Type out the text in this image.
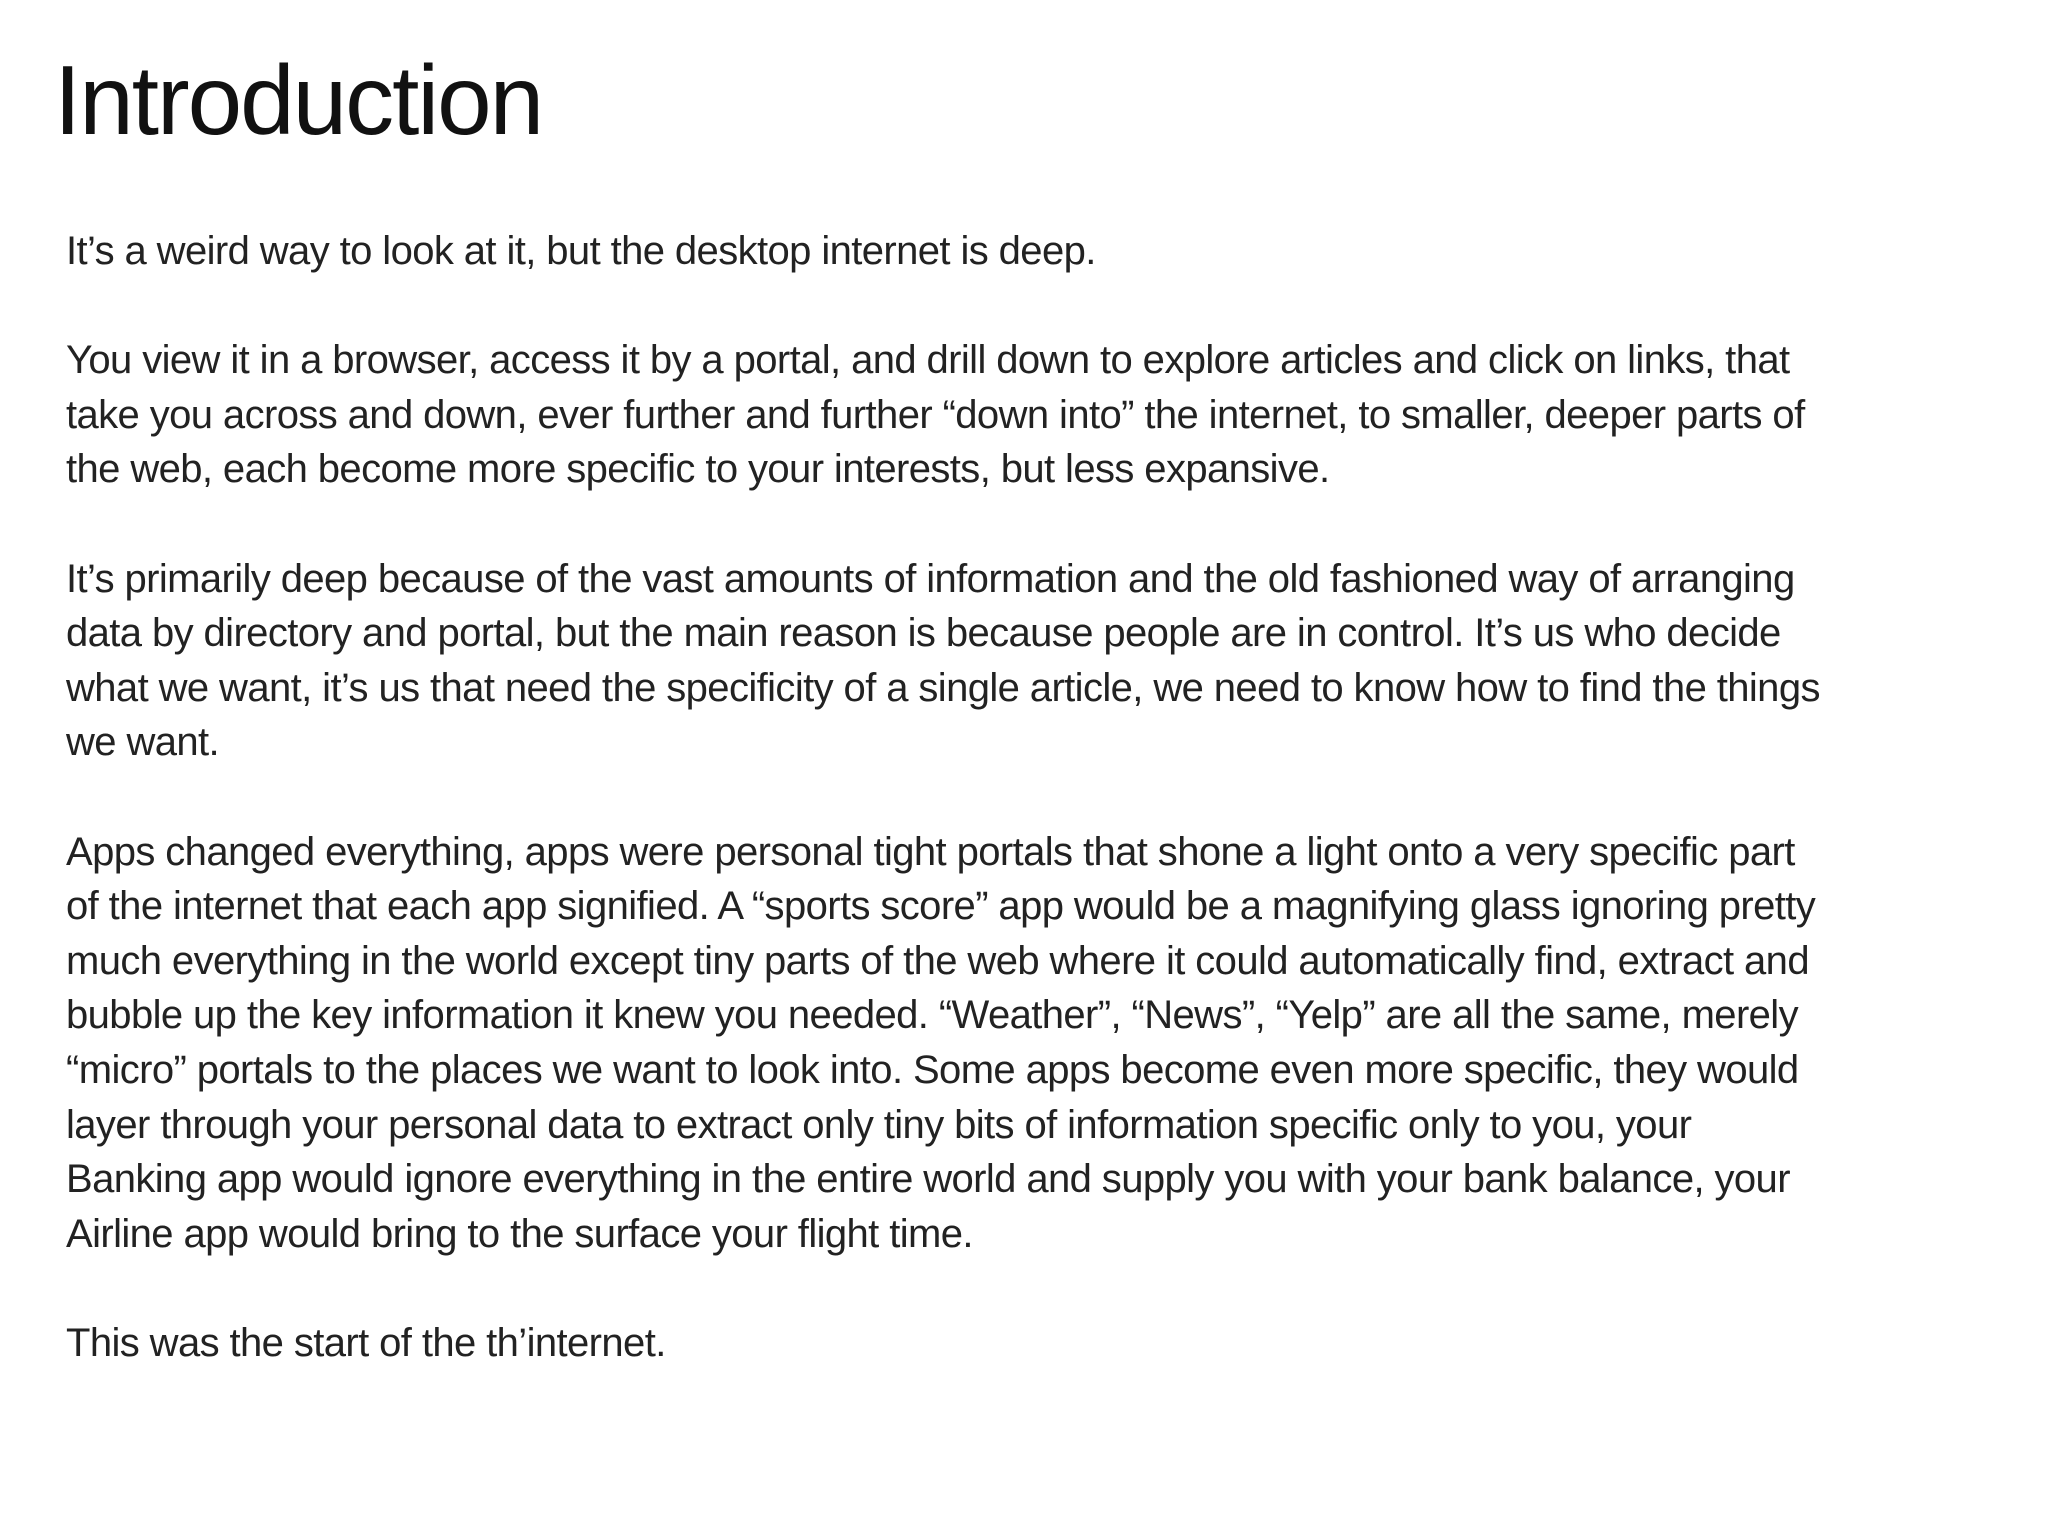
Introduction

It’s a weird way to look at it, but the desktop internet is deep.

You view it in a browser, access it by a portal, and drill down to explore articles and click on links, that
take you across and down, ever further and further “down into” the internet, to smaller, deeper parts of
the web, each become more specific to your interests, but less expansive.

It’s primarily deep because of the vast amounts of information and the old fashioned way of arranging
data by directory and portal, but the main reason is because people are in control. It’s us who decide
what we want, it’s us that need the specificity of a single article, we need to know how to find the things
we want.

Apps changed everything, apps were personal tight portals that shone a light onto a very specific part
of the internet that each app signified. A “sports score” app would be a magnifying glass ignoring pretty
much everything in the world except tiny parts of the web where it could automatically find, extract and
bubble up the key information it knew you needed. “Weather”, “News”, “Yelp” are all the same, merely
“micro” portals to the places we want to look into. Some apps become even more specific, they would
layer through your personal data to extract only tiny bits of information specific only to you, your
Banking app would ignore everything in the entire world and supply you with your bank balance, your
Airline app would bring to the surface your flight time.

This was the start of the th’internet.
